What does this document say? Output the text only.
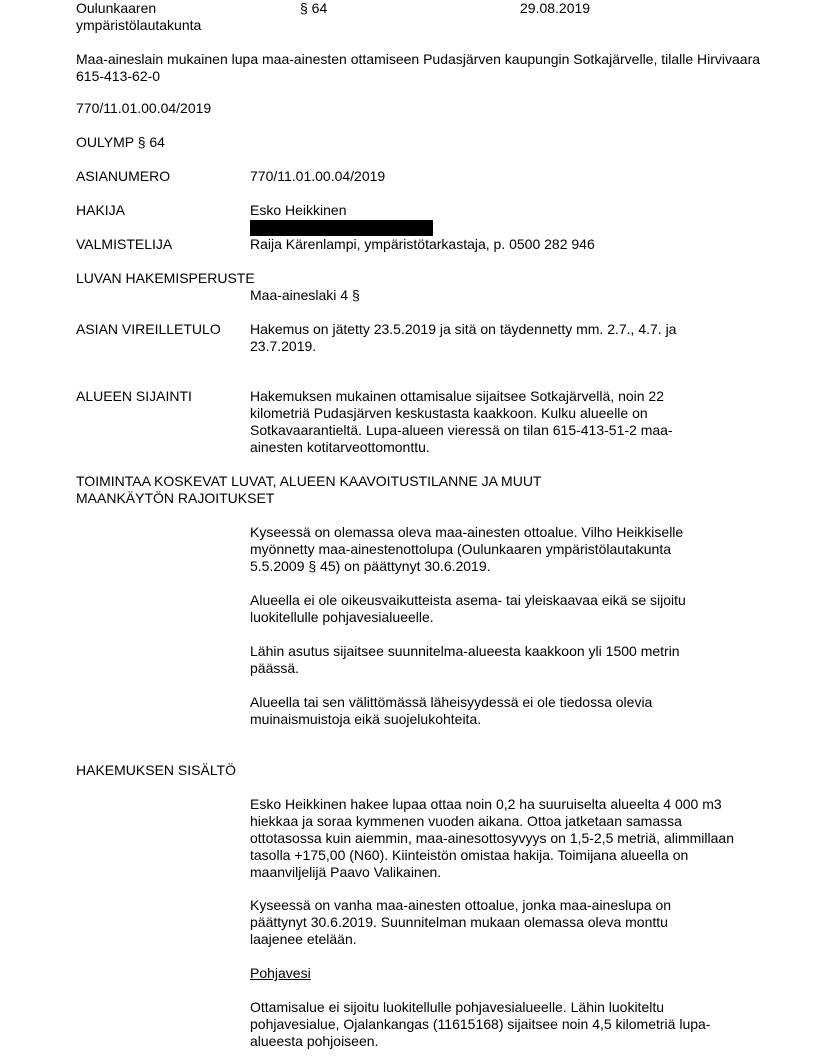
Oulunkaaren ympäristölautakunta
§ 64	29.08.2019
Maa-aineslain mukainen lupa maa-ainesten ottamiseen Pudasjärven kaupungin Sotkajärvelle, tilalle Hirvivaara 615-413-62-0
770/11.01.00.04/2019
OULYMP § 64
ASIANUMERO	770/11.01.00.04/2019
HAKIJA	Esko Heikkinen
VALMISTELIJA	Raija Kärenlampi, ympäristötarkastaja, p. 0500 282 946
LUVAN HAKEMISPERUSTE
Maa-aineslaki 4 §
ASIAN VIREILLETULO Hakemus on jätetty 23.5.2019 ja sitä on täydennetty mm. 2.7., 4.7. ja 23.7.2019.
ALUEEN SIJAINTI	Hakemuksen mukainen ottamisalue sijaitsee Sotkajärvellä, noin 22 kilometriä Pudasjärven keskustasta kaakkoon. Kulku alueelle on Sotkavaarantieltä. Lupa-alueen vieressä on tilan 615-413-51-2 maa-ainesten kotitarveottomonttu.
TOIMINTAA KOSKEVAT LUVAT, ALUEEN KAAVOITUSTILANNE JA MUUT MAANKÄYTÖN RAJOITUKSET
Kyseessä on olemassa oleva maa-ainesten ottoalue. Vilho Heikkiselle myönnetty maa-ainestenottolupa (Oulunkaaren ympäristölautakunta 5.5.2009 § 45) on päättynyt 30.6.2019.
Alueella ei ole oikeusvaikutteista asema- tai yleiskaavaa eikä se sijoitu luokitellulle pohjavesialueelle.
Lähin asutus sijaitsee suunnitelma-alueesta kaakkoon yli 1500 metrin päässä.
Alueella tai sen välittömässä läheisyydessä ei ole tiedossa olevia muinaismuistoja eikä suojelukohteita.
HAKEMUKSEN SISÄLTÖ
Esko Heikkinen hakee lupaa ottaa noin 0,2 ha suuruiselta alueelta 4 000 m3 hiekkaa ja soraa kymmenen vuoden aikana. Ottoa jatketaan samassa ottotasossa kuin aiemmin, maa-ainesottosyvyys on 1,5-2,5 metriä, alimmillaan tasolla +175,00 (N60). Kiinteistön omistaa hakija. Toimijana alueella on maanviljelijä Paavo Valikainen.
Kyseessä on vanha maa-ainesten ottoalue, jonka maa-aineslupa on päättynyt 30.6.2019. Suunnitelman mukaan olemassa oleva monttu laajenee etelään.
Pohjavesi
Ottamisalue ei sijoitu luokitellulle pohjavesialueelle. Lähin luokiteltu pohjavesialue, Ojalankangas (11615168) sijaitsee noin 4,5 kilometriä lupa-alueesta pohjoiseen.
